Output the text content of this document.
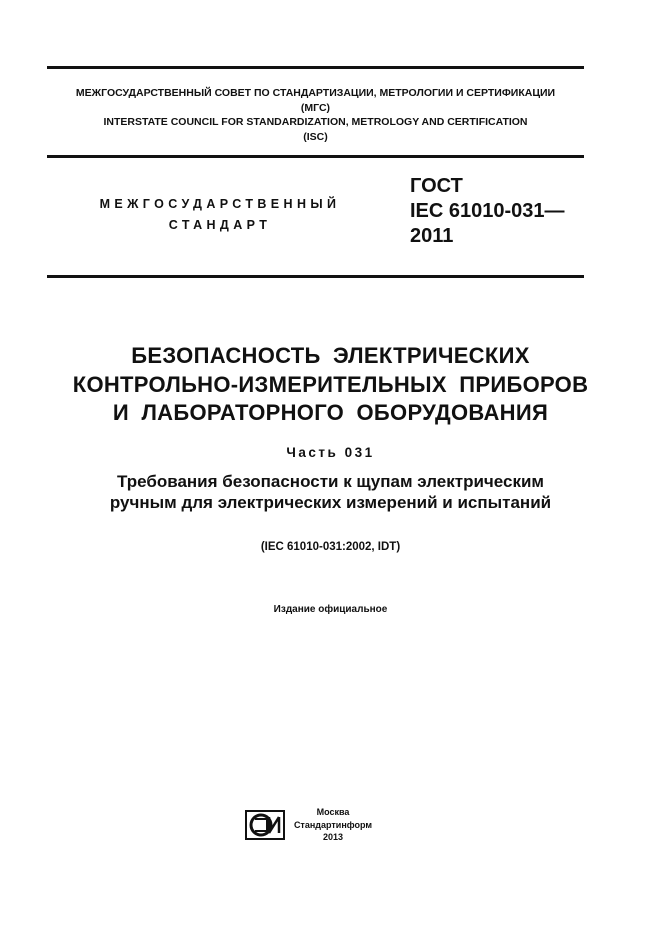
МЕЖГОСУДАРСТВЕННЫЙ СОВЕТ ПО СТАНДАРТИЗАЦИИ, МЕТРОЛОГИИ И СЕРТИФИКАЦИИ
(МГС)
INTERSTATE COUNCIL FOR STANDARDIZATION, METROLOGY AND CERTIFICATION
(ISC)
МЕЖГОСУДАРСТВЕННЫЙ
СТАНДАРТ
ГОСТ
IEC 61010-031—
2011
БЕЗОПАСНОСТЬ ЭЛЕКТРИЧЕСКИХ
КОНТРОЛЬНО-ИЗМЕРИТЕЛЬНЫХ ПРИБОРОВ
И ЛАБОРАТОРНОГО ОБОРУДОВАНИЯ
Часть 031
Требования безопасности к щупам электрическим
ручным для электрических измерений и испытаний
(IEC 61010-031:2002, IDT)
Издание официальное
Москва
Стандартинформ
2013
